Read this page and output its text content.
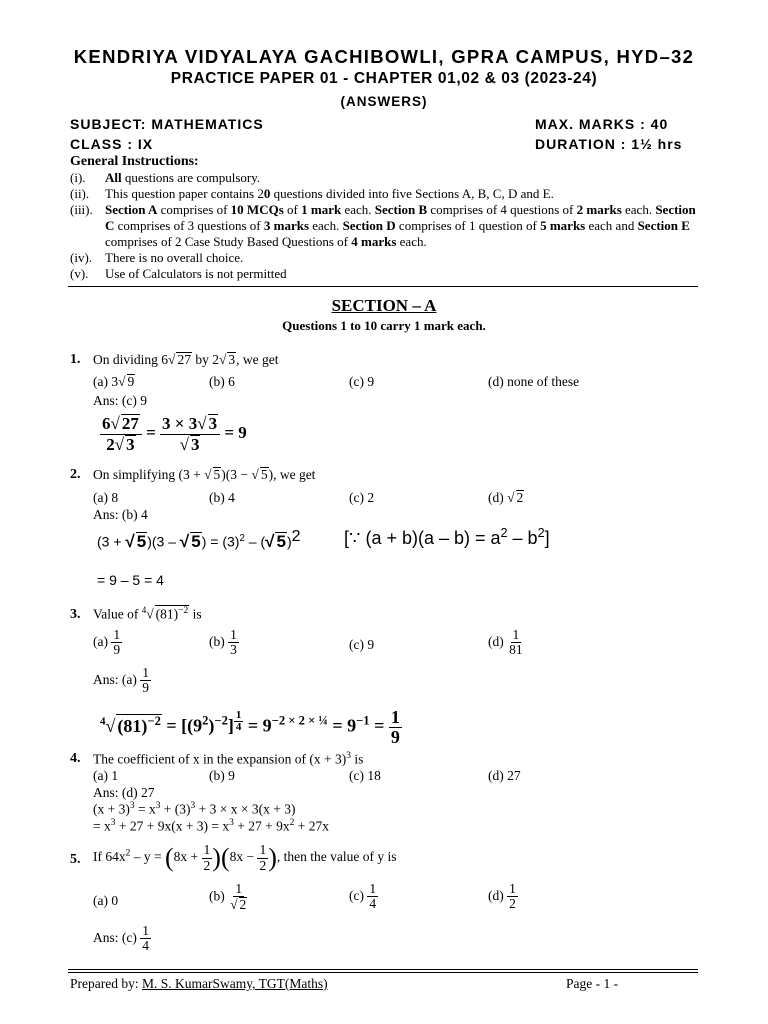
KENDRIYA VIDYALAYA GACHIBOWLI, GPRA CAMPUS, HYD–32
PRACTICE PAPER 01 - CHAPTER 01,02 & 03 (2023-24)
(ANSWERS)
SUBJECT: MATHEMATICS	MAX. MARKS : 40
CLASS : IX	DURATION : 1½ hrs
General Instructions:
(i). All questions are compulsory.
(ii). This question paper contains 20 questions divided into five Sections A, B, C, D and E.
(iii). Section A comprises of 10 MCQs of 1 mark each. Section B comprises of 4 questions of 2 marks each. Section C comprises of 3 questions of 3 marks each. Section D comprises of 1 question of 5 marks each and Section E comprises of 2 Case Study Based Questions of 4 marks each.
(iv). There is no overall choice.
(v). Use of Calculators is not permitted
SECTION – A
Questions 1 to 10 carry 1 mark each.
1. On dividing 6√ 27 by 2√ 3, we get
(a) 3√ 9	(b) 6	(c) 9	(d) none of these
Ans: (c) 9
$\frac{6√ 27}{2√ 3} = \frac{3 \times 3√ 3}{√ 3} = 9$
2. On simplifying (3 + √ 5)(3 − √ 5), we get
(a) 8	(b) 4	(c) 2	(d) √ 2
Ans: (b) 4
(3 + √ 5)(3 – √ $5) = (3)^2$ – (√ 5)$^2$ [∵ $(a + b)(a - b) = a^2 - b^2$]
= 9 – 5 = 4
3. Value of $^4$√ $(81)^{-2}$ is
$(a) \frac{1}{9}$	$(b) \frac{1}{3}$	(c) 9	$(d) \frac{1}{81}$
Ans: $(a) \frac{1}{9}$
$^4$√ $(81)^{-2} = [(9^2)^{-2}] ^{\frac{1}{4}} = 9^{-2 \times 2 \times \frac{1}{4}} = 9^{-1} = \frac{1}{9}$
4. The coefficient of x in the expansion of $(x + 3)^3$ is
(a) 1	(b) 9	(c) 18	(d) 27
Ans: (d) 27
$(x + 3)^3 = x^3 + (3)^3 + 3 \times x \times 3(x + 3)$
= $x^3 + 27 + 9x(x + 3) = x^3 + 27 + 9x^2 + 27x$
5. If $64x^2 - y = (8x + \frac{1}{2} )(8x - \frac{1}{2}$ ), then the value of y is
(a) 0	$(b) \frac{1}{√ 2}$	$(c) \frac{1}{4}$	$(d) \frac{1}{2}$
Ans: $(c) \frac{1}{4}$
Prepared by: M. S. KumarSwamy, TGT(Maths)	Page - 1 -
